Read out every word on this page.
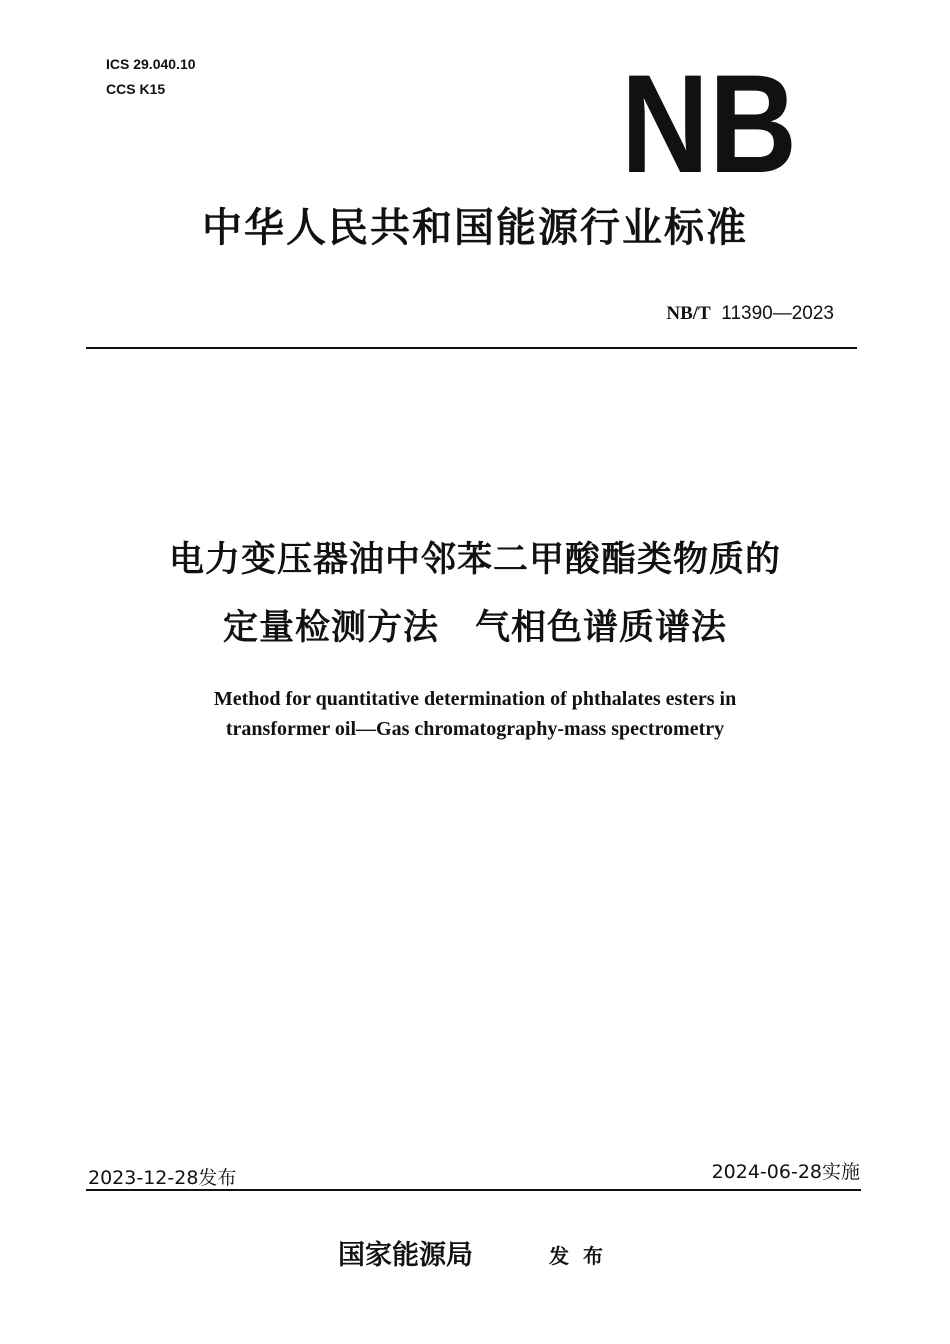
ICS 29.040.10
CCS K15	NB
中华人民共和国能源行业标准
NB/T 11390—2023
电力变压器油中邻苯二甲酸酯类物质的
定量检测方法　气相色谱质谱法
Method for quantitative determination of phthalates esters in
transformer oil—Gas chromatography-mass spectrometry
2023-12-28发布	2024-06-28实施
国家能源局	发布
